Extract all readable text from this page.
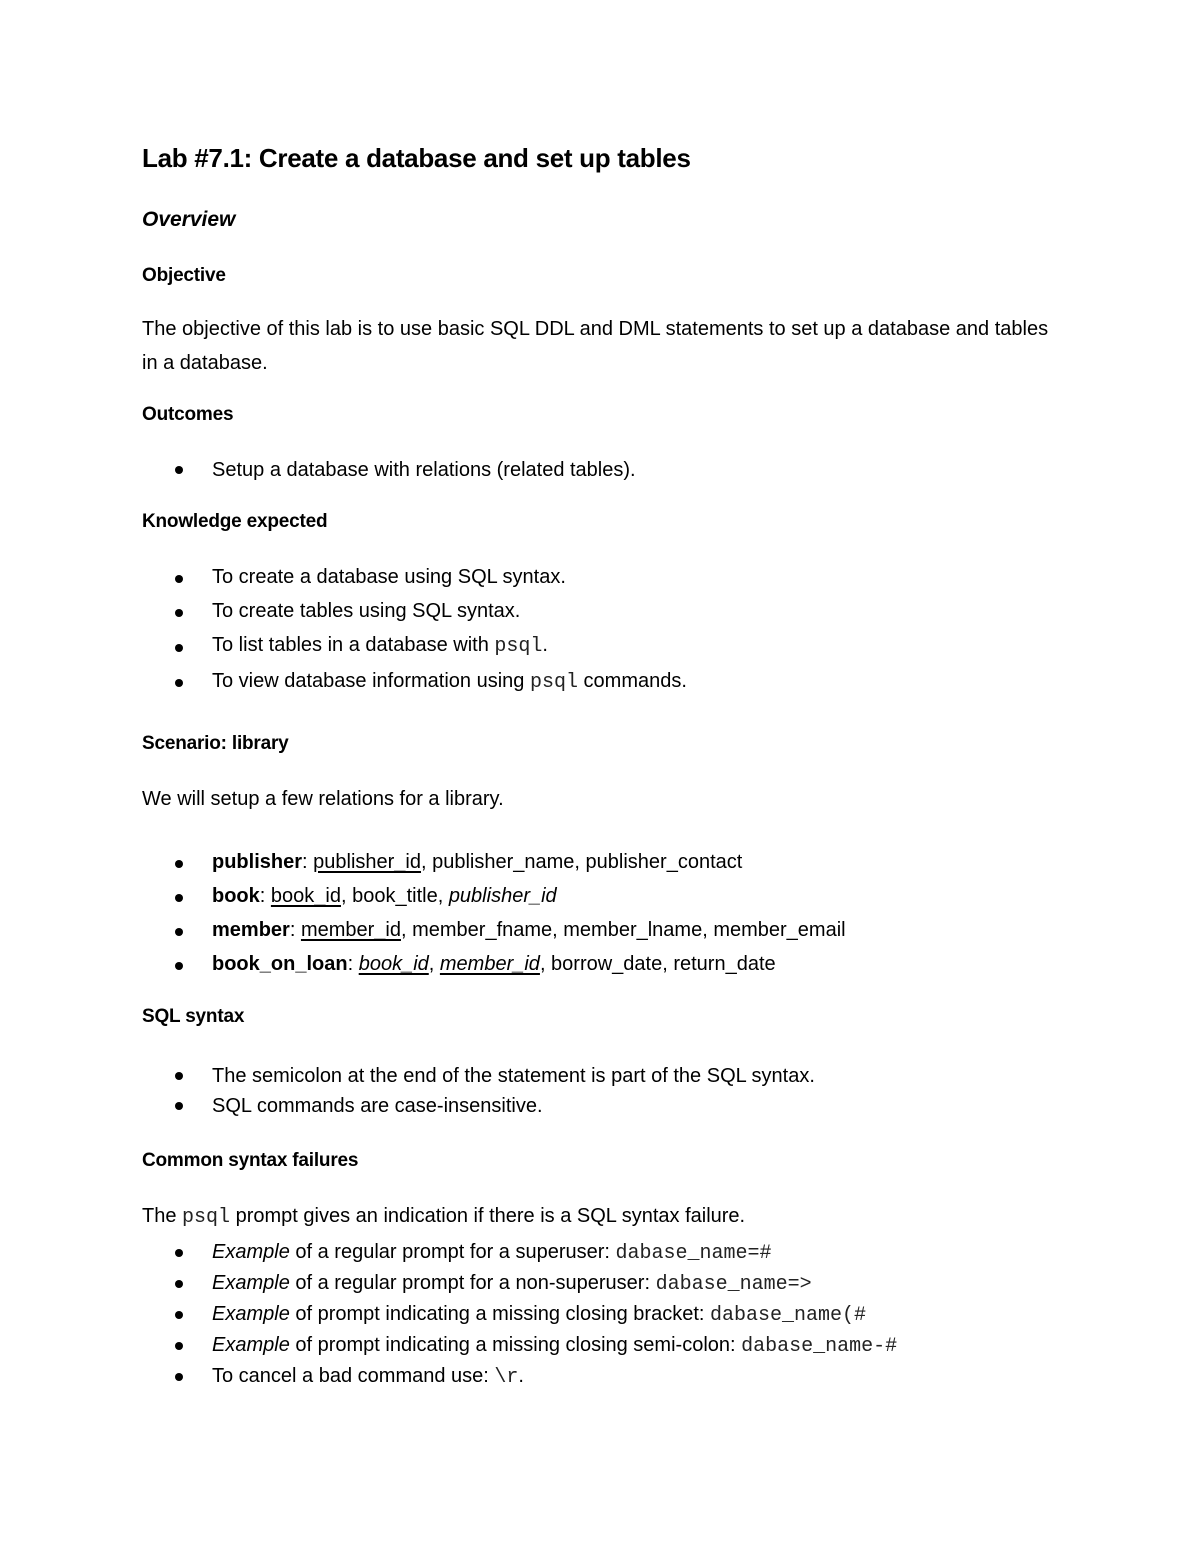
Lab #7.1: Create a database and set up tables
Overview
Objective
The objective of this lab is to use basic SQL DDL and DML statements to set up a database and tables in a database.
Outcomes
Setup a database with relations (related tables).
Knowledge expected
To create a database using SQL syntax.
To create tables using SQL syntax.
To list tables in a database with psql.
To view database information using psql commands.
Scenario: library
We will setup a few relations for a library.
publisher: publisher_id, publisher_name, publisher_contact
book: book_id, book_title, publisher_id
member: member_id, member_fname, member_lname, member_email
book_on_loan: book_id, member_id, borrow_date, return_date
SQL syntax
The semicolon at the end of the statement is part of the SQL syntax.
SQL commands are case-insensitive.
Common syntax failures
The psql prompt gives an indication if there is a SQL syntax failure.
Example of a regular prompt for a superuser: dabase_name=#
Example of a regular prompt for a non-superuser: dabase_name=>
Example of prompt indicating a missing closing bracket: dabase_name(#
Example of prompt indicating a missing closing semi-colon: dabase_name-#
To cancel a bad command use: \r.
